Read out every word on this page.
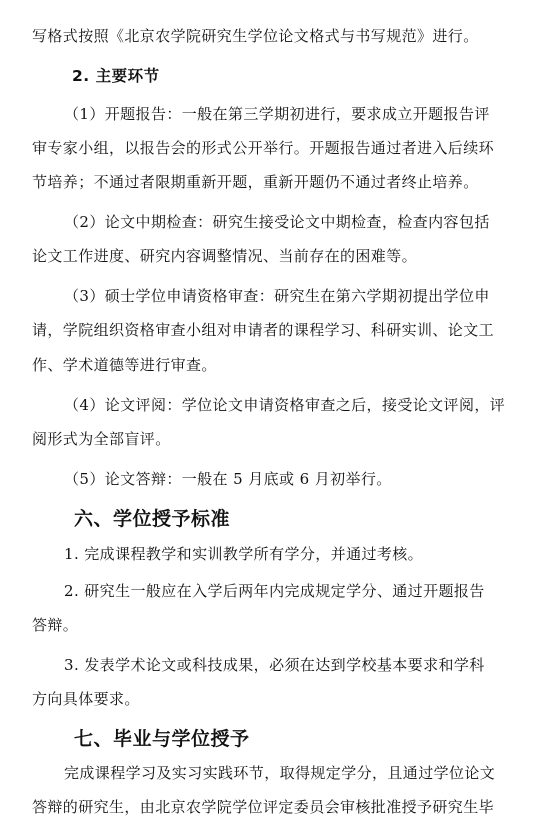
写格式按照《北京农学院研究生学位论文格式与书写规范》进行。
2. 主要环节
（1）开题报告：一般在第三学期初进行，要求成立开题报告评
审专家小组，以报告会的形式公开举行。开题报告通过者进入后续环
节培养；不通过者限期重新开题，重新开题仍不通过者终止培养。
（2）论文中期检查：研究生接受论文中期检查，检查内容包括
论文工作进度、研究内容调整情况、当前存在的困难等。
（3）硕士学位申请资格审查：研究生在第六学期初提出学位申
请，学院组织资格审查小组对申请者的课程学习、科研实训、论文工
作、学术道德等进行审查。
（4）论文评阅：学位论文申请资格审查之后，接受论文评阅，评
阅形式为全部盲评。
（5）论文答辩：一般在 5 月底或 6 月初举行。
六、学位授予标准
1. 完成课程教学和实训教学所有学分，并通过考核。
2. 研究生一般应在入学后两年内完成规定学分、通过开题报告
答辩。
3. 发表学术论文或科技成果，必须在达到学校基本要求和学科
方向具体要求。
七、毕业与学位授予
完成课程学习及实习实践环节，取得规定学分，且通过学位论文
答辩的研究生，由北京农学院学位评定委员会审核批准授予研究生毕
